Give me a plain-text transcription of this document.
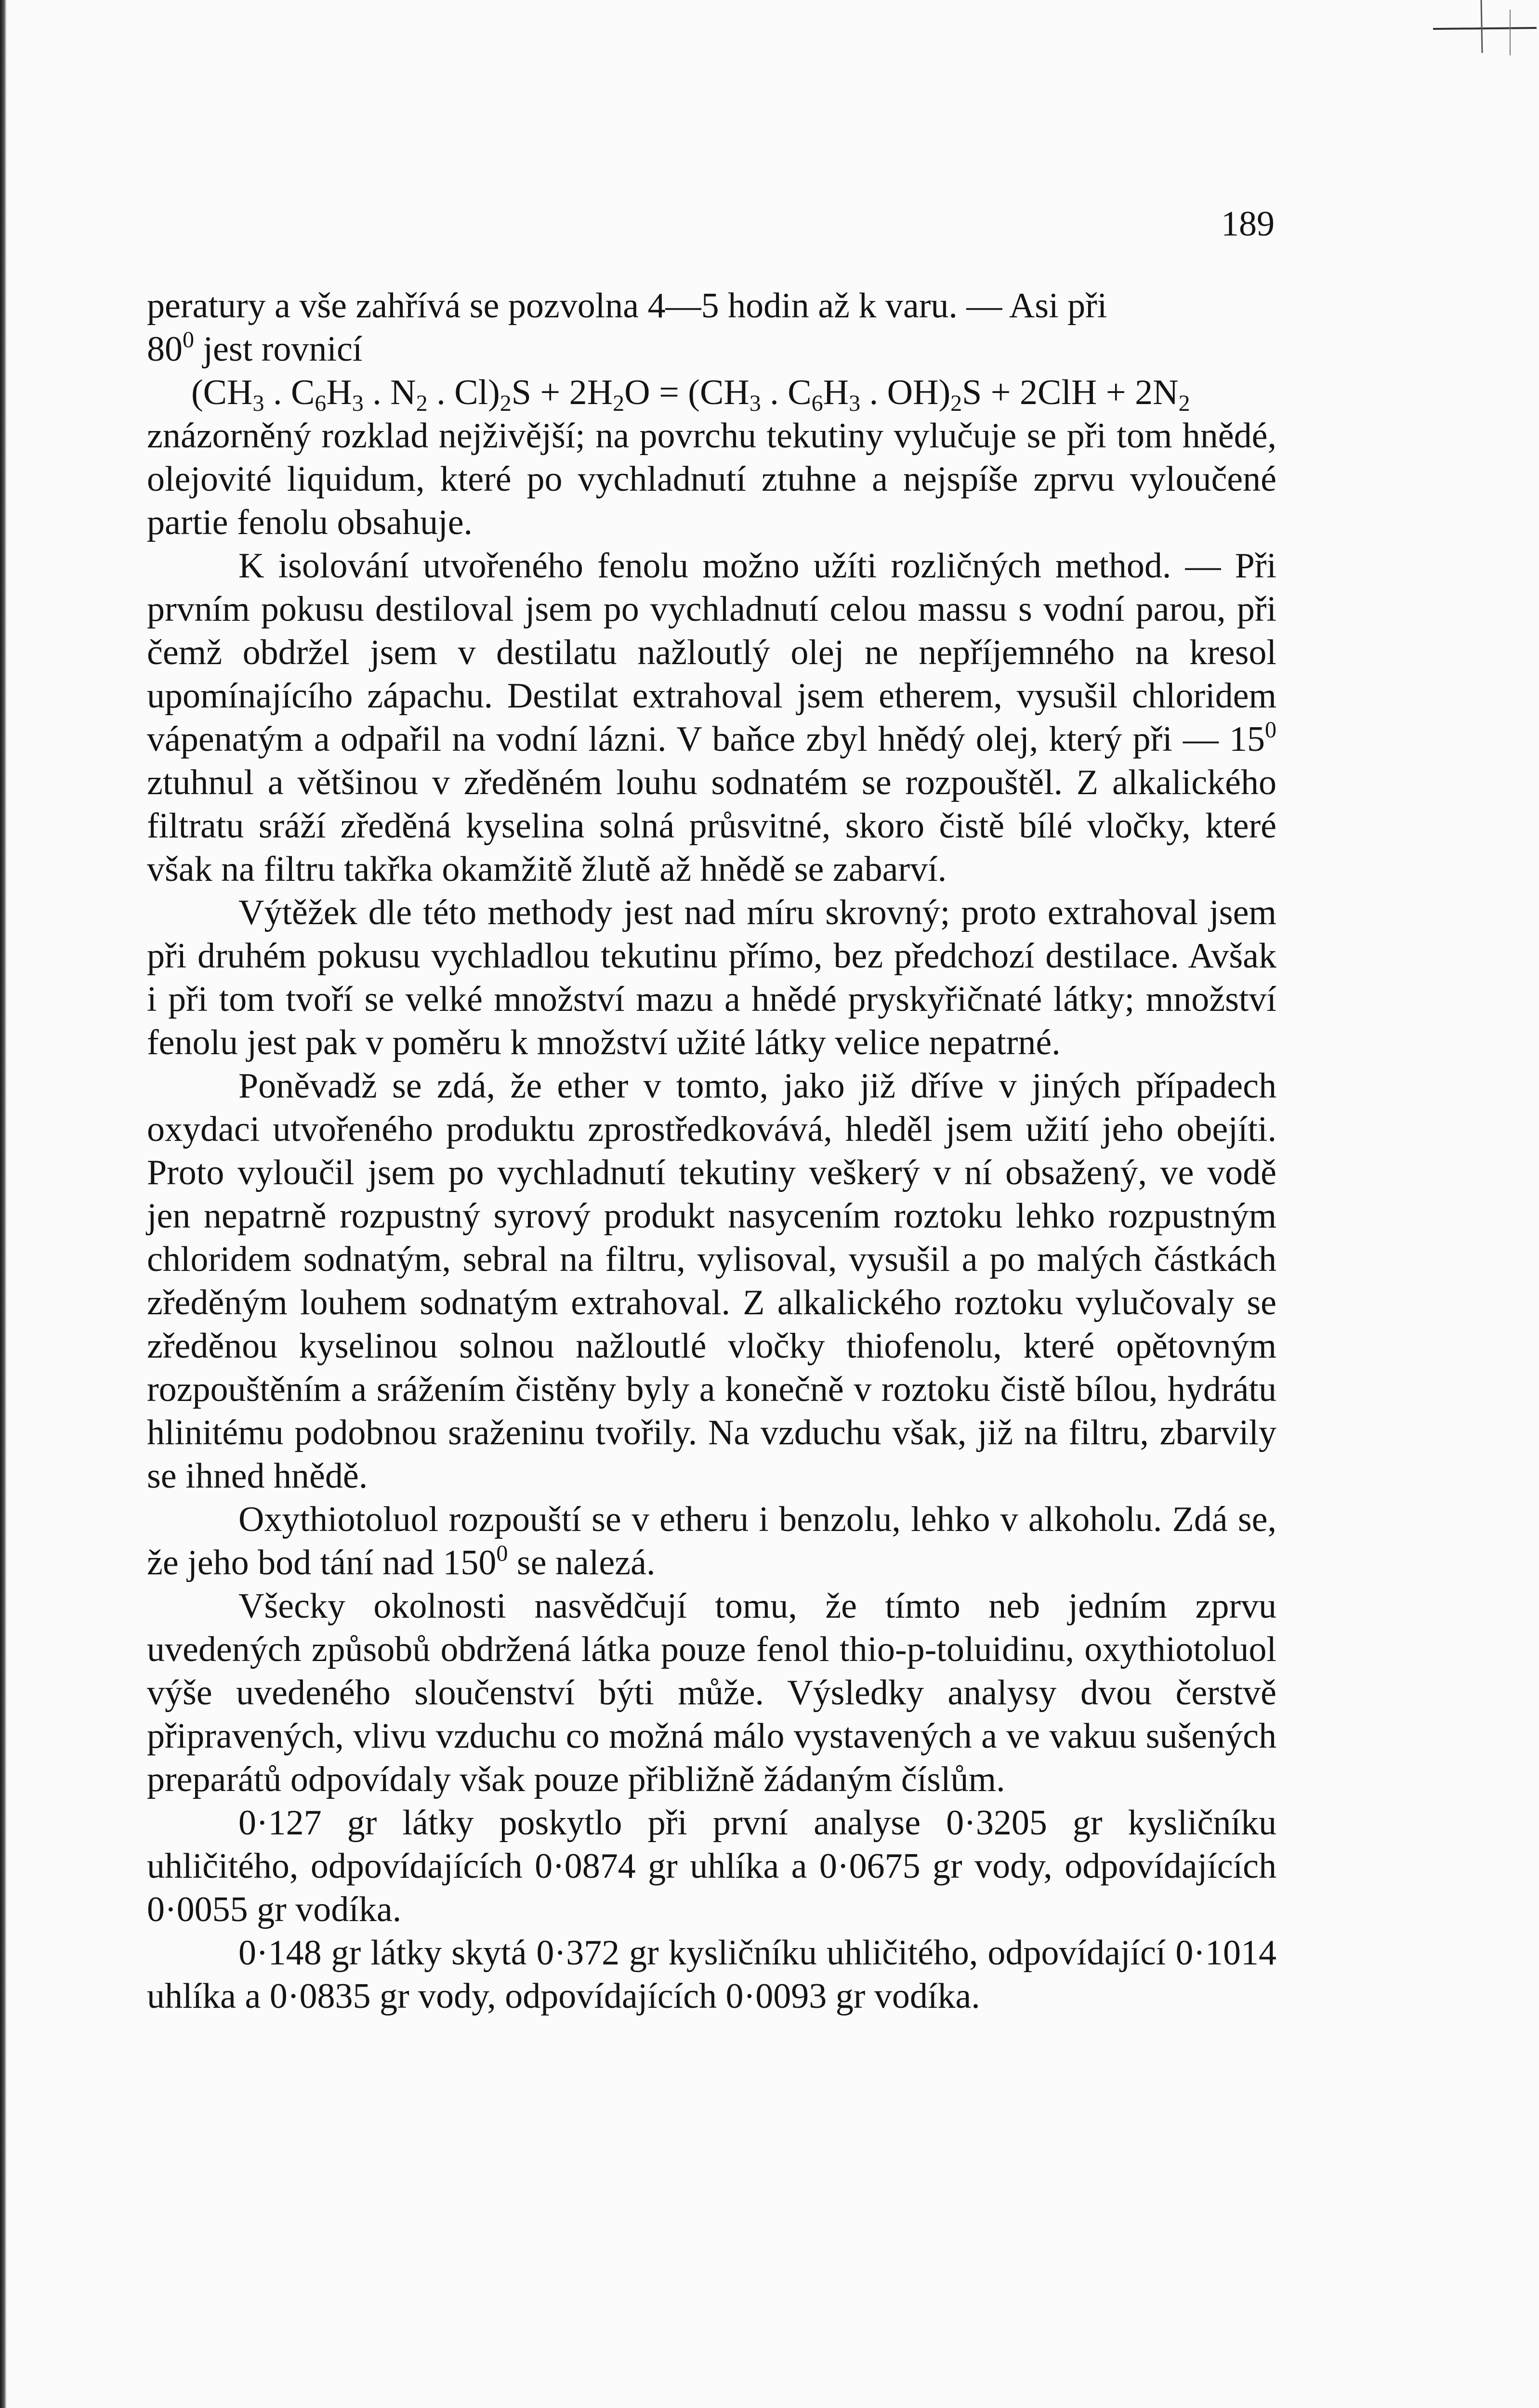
189

peratury a vše zahřívá se pozvolna 4—5 hodin až k varu. — Asi při
$80^0$ jest rovnicí

($CH_3$ . $C_6H_3$ . $N_2$ . $Cl)_2S + 2H_2O = (CH_3$ . $C_6H_3$ . $OH)_2S + 2ClH + 2N_2$

znázorněný rozklad nejživější; na povrchu tekutiny vylučuje se při tom hnědé, olejovité liquidum, které po vychladnutí ztuhne a nejspíše zprvu vyloučené partie fenolu obsahuje.

K isolování utvořeného fenolu možno užíti rozličných method. — Při prvním pokusu destiloval jsem po vychladnutí celou massu s vodní parou, při čemž obdržel jsem v destilatu nažloutlý olej ne nepříjemného na kresol upomínajícího zápachu. Destilat extrahoval jsem etherem, vysušil chloridem vápenatým a odpařil na vodní lázni. V baňce zbyl hnědý olej, který při — $15^0$ ztuhnul a většinou v zředěném louhu sodnatém se rozpouštěl. Z alkalického filtratu sráží zředěná kyselina solná průsvitné, skoro čistě bílé vločky, které však na filtru takřka okamžitě žlutě až hnědě se zabarví.

Výtěžek dle této methody jest nad míru skrovný; proto extrahoval jsem při druhém pokusu vychladlou tekutinu přímo, bez předchozí destilace. Avšak i při tom tvoří se velké množství mazu a hnědé pryskyřičnaté látky; množství fenolu jest pak v poměru k množství užité látky velice nepatrné.

Poněvadž se zdá, že ether v tomto, jako již dříve v jiných případech oxydaci utvořeného produktu zprostředkovává, hleděl jsem užití jeho obejíti. Proto vyloučil jsem po vychladnutí tekutiny veškerý v ní obsažený, ve vodě jen nepatrně rozpustný syrový produkt nasycením roztoku lehko rozpustným chloridem sodnatým, sebral na filtru, vylisoval, vysušil a po malých částkách zředěným louhem sodnatým extrahoval. Z alkalického roztoku vylučovaly se zředěnou kyselinou solnou nažloutlé vločky thiofenolu, které opětovným rozpouštěním a srážením čistěny byly a konečně v roztoku čistě bílou, hydrátu hlinitému podobnou sraženinu tvořily. Na vzduchu však, již na filtru, zbarvily se ihned hnědě.

Oxythiotoluol rozpouští se v etheru i benzolu, lehko v alkoholu. Zdá se, že jeho bod tání nad $150^0$ se nalezá.

Všecky okolnosti nasvědčují tomu, že tímto neb jedním zprvu uvedených způsobů obdržená látka pouze fenol thio-p-toluidinu, oxythiotoluol výše uvedeného sloučenství býti může. Výsledky analysy dvou čerstvě připravených, vlivu vzduchu co možná málo vystavených a ve vakuu sušených preparátů odpovídaly však pouze přibližně žádaným číslům.

0·127 gr látky poskytlo při první analyse 0·3205 gr kysličníku uhličitého, odpovídajících 0·0874 gr uhlíka a 0·0675 gr vody, odpovídajících 0·0055 gr vodíka.

0·148 gr látky skytá 0·372 gr kysličníku uhličitého, odpovídající 0·1014 uhlíka a 0·0835 gr vody, odpovídajících 0·0093 gr vodíka.
